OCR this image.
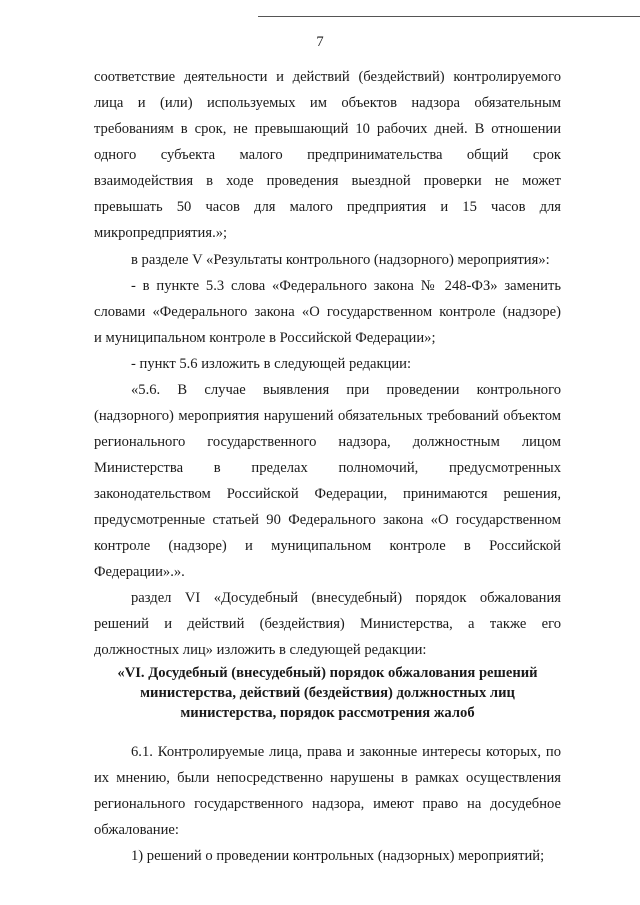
7
соответствие деятельности и действий (бездействий) контролируемого
лица и (или) используемых им объектов надзора обязательным
требованиям в срок, не превышающий 10 рабочих дней. В отношении
одного субъекта малого предпринимательства общий срок
взаимодействия в ходе проведения выездной проверки не может
превышать 50 часов для малого предприятия и 15 часов для
микропредприятия.»;
в разделе V «Результаты контрольного (надзорного) мероприятия»:
- в пункте 5.3 слова «Федерального закона № 248-ФЗ» заменить
словами «Федерального закона «О государственном контроле (надзоре)
и муниципальном контроле в Российской Федерации»;
- пункт 5.6 изложить в следующей редакции:
«5.6. В случае выявления при проведении контрольного
(надзорного) мероприятия нарушений обязательных требований объектом
регионального государственного надзора, должностным лицом
Министерства в пределах полномочий, предусмотренных
законодательством Российской Федерации, принимаются решения,
предусмотренные статьей 90 Федерального закона «О государственном
контроле (надзоре) и муниципальном контроле в Российской
Федерации».».
раздел VI «Досудебный (внесудебный) порядок обжалования
решений и действий (бездействия) Министерства, а также его
должностных лиц» изложить в следующей редакции:
«VI. Досудебный (внесудебный) порядок обжалования решений
министерства, действий (бездействия) должностных лиц
министерства, порядок рассмотрения жалоб
6.1. Контролируемые лица, права и законные интересы которых, по
их мнению, были непосредственно нарушены в рамках осуществления
регионального государственного надзора, имеют право на досудебное
обжалование:
1) решений о проведении контрольных (надзорных) мероприятий;
